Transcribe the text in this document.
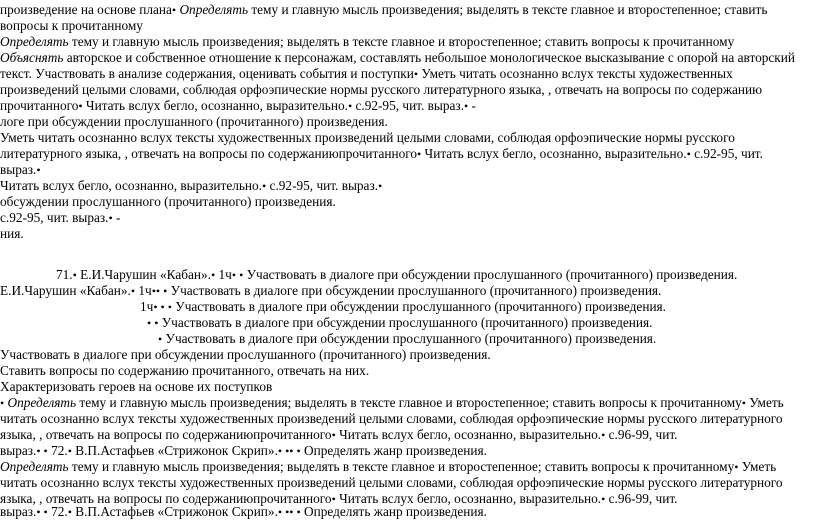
произведение на основе плана• Определять тему и главную мысль произведения; выделять в тексте главное и второстепенное; ставить
вопросы к прочитанному
Определять тему и главную мысль произведения; выделять в тексте главное и второстепенное; ставить вопросы к прочитанному
Объяснять авторское и собственное отношение к персонажам, составлять небольшое монологическое высказывание с опорой на авторский
текст. Участвовать в анализе содержания, оценивать события и поступки• Уметь читать осознанно вслух тексты художественных
произведений целыми словами, соблюдая орфоэпические нормы русского литературного языка, , отвечать на вопросы по содержанию
прочитанного• Читать вслух бегло, осознанно, выразительно.• с.92-95, чит. выраз.• -
логе при обсуждении прослушанного (прочитанного) произведения.
Уметь читать осознанно вслух тексты художественных произведений целыми словами, соблюдая орфоэпические нормы русского
литературного языка, , отвечать на вопросы по содержаниюпрочитанного• Читать вслух бегло, осознанно, выразительно.• с.92-95, чит.
выраз.•
Читать вслух бегло, осознанно, выразительно.• с.92-95, чит. выраз.•
обсуждении прослушанного (прочитанного) произведения.
с.92-95, чит. выраз.• -
ния.
71.• Е.И.Чарушин «Кабан».• 1ч• • Участвовать в диалоге при обсуждении прослушанного (прочитанного) произведения.
Е.И.Чарушин «Кабан».• 1ч•• • Участвовать в диалоге при обсуждении прослушанного (прочитанного) произведения.
1ч• • • Участвовать в диалоге при обсуждении прослушанного (прочитанного) произведения.
• • Участвовать в диалоге при обсуждении прослушанного (прочитанного) произведения.
• Участвовать в диалоге при обсуждении прослушанного (прочитанного) произведения.
Участвовать в диалоге при обсуждении прослушанного (прочитанного) произведения.
Ставить вопросы по содержанию прочитанного, отвечать на них.
Характеризовать героев на основе их поступков
• Определять тему и главную мысль произведения; выделять в тексте главное и второстепенное; ставить вопросы к прочитанному• Уметь
читать осознанно вслух тексты художественных произведений целыми словами, соблюдая орфоэпические нормы русского литературного
языка, , отвечать на вопросы по содержаниюпрочитанного• Читать вслух бегло, осознанно, выразительно.• с.96-99, чит.
выраз.• • 72.• В.П.Астафьев «Стрижонок Скрип».• •• • Определять жанр произведения.
Определять тему и главную мысль произведения; выделять в тексте главное и второстепенное; ставить вопросы к прочитанному• Уметь
читать осознанно вслух тексты художественных произведений целыми словами, соблюдая орфоэпические нормы русского литературного
языка, , отвечать на вопросы по содержаниюпрочитанного• Читать вслух бегло, осознанно, выразительно.• с.96-99, чит.
выраз.• • 72.• В.П.Астафьев «Стрижонок Скрип».• •• • Определять жанр произведения.
